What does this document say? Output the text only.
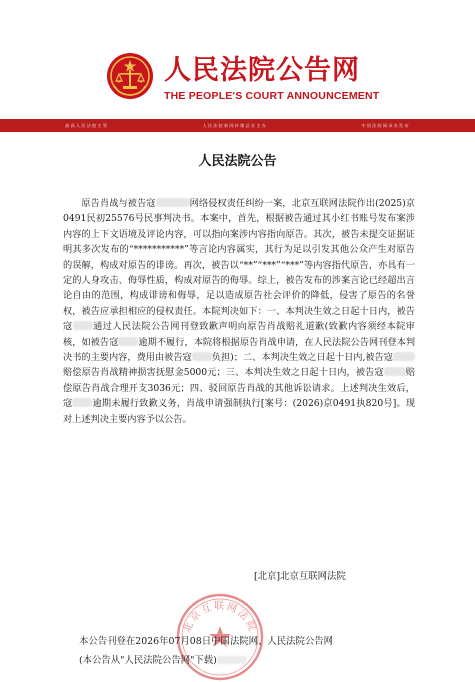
人民法院公告网
THE PEOPLE'S COURT ANNOUNCEMENT
最高人民法院主管	人民法院新闻传媒总社主办	中国法院网承办发布
人民法院公告
原告肖战与被告寇	网络侵权责任纠纷一案，北京互联网法院作出(2025)京0491民初25576号民事判决书。本案中，首先，根据被告通过其小红书账号发布案涉内容的上下文语境及评论内容，可以指向案涉内容指向原告。其次，被告未提交证据证明其多次发布的“***********”等言论内容属实，其行为足以引发其他公众产生对原告的误解，构成对原告的诽谤。再次，被告以“**”“***”“***”等内容指代原告，亦具有一定的人身攻击、侮辱性质，构成对原告的侮辱。综上，被告发布的涉案言论已经超出言论自由的范围，构成诽谤和侮辱，足以造成原告社会评价的降低，侵害了原告的名誉权，被告应承担相应的侵权责任。本院判决如下：一、本判决生效之日起十日内，被告寇 通过人民法院公告网刊登致歉声明向原告肖战赔礼道歉(致歉内容须经本院审核，如被告寇 逾期不履行，本院将根据原告肖战申请，在人民法院公告网刊登本判决书的主要内容，费用由被告寇 负担)；二、本判决生效之日起十日内,被告寇赔偿原告肖战精神损害抚慰金5000元；三、本判决生效之日起十日内，被告寇 赔偿原告肖战合理开支3036元；四、驳回原告肖战的其他诉讼请求。上述判决生效后，寇 逾期未履行致歉义务，肖战申请强制执行[案号：(2026)京0491执820号]。现对上述判决主要内容予以公告。
[北京]北京互联网法院
北京互联网法院
本公告刊登在2026年07月08日中国法院网、人民法院公告网
(本公告从"人民法院公告网"下载)
